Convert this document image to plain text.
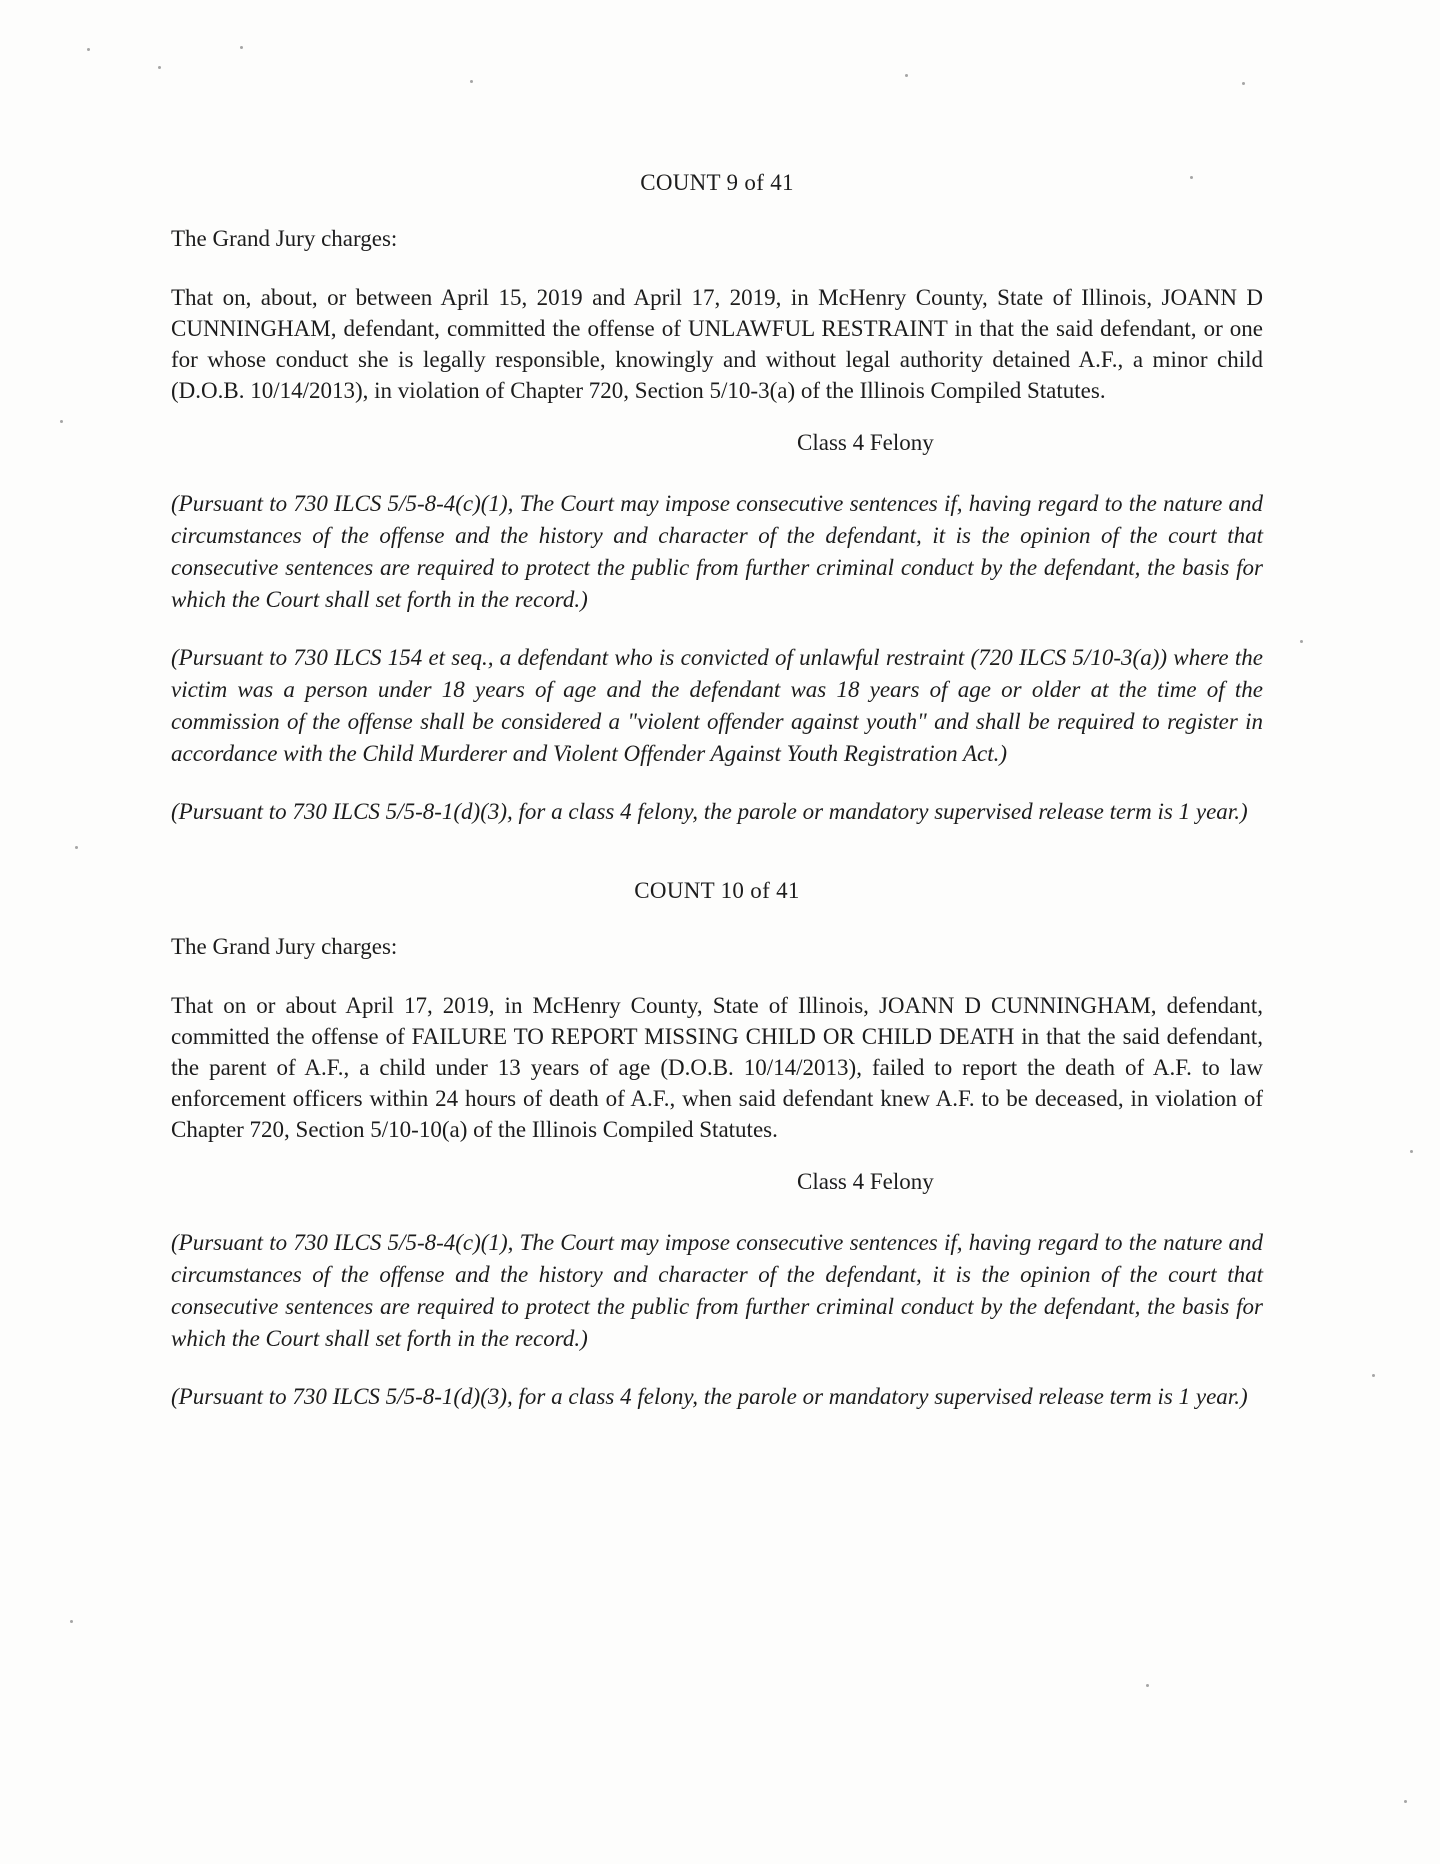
COUNT 9 of 41
The Grand Jury charges:

That on, about, or between April 15, 2019 and April 17, 2019, in McHenry County, State of Illinois, JOANN D CUNNINGHAM, defendant, committed the offense of UNLAWFUL RESTRAINT in that the said defendant, or one for whose conduct she is legally responsible, knowingly and without legal authority detained A.F., a minor child (D.O.B. 10/14/2013), in violation of Chapter 720, Section 5/10-3(a) of the Illinois Compiled Statutes.

Class 4 Felony

(Pursuant to 730 ILCS 5/5-8-4(c)(1), The Court may impose consecutive sentences if, having regard to the nature and circumstances of the offense and the history and character of the defendant, it is the opinion of the court that consecutive sentences are required to protect the public from further criminal conduct by the defendant, the basis for which the Court shall set forth in the record.)

(Pursuant to 730 ILCS 154 et seq., a defendant who is convicted of unlawful restraint (720 ILCS 5/10-3(a)) where the victim was a person under 18 years of age and the defendant was 18 years of age or older at the time of the commission of the offense shall be considered a "violent offender against youth" and shall be required to register in accordance with the Child Murderer and Violent Offender Against Youth Registration Act.)

(Pursuant to 730 ILCS 5/5-8-1(d)(3), for a class 4 felony, the parole or mandatory supervised release term is 1 year.)

COUNT 10 of 41
The Grand Jury charges:

That on or about April 17, 2019, in McHenry County, State of Illinois, JOANN D CUNNINGHAM, defendant, committed the offense of FAILURE TO REPORT MISSING CHILD OR CHILD DEATH in that the said defendant, the parent of A.F., a child under 13 years of age (D.O.B. 10/14/2013), failed to report the death of A.F. to law enforcement officers within 24 hours of death of A.F., when said defendant knew A.F. to be deceased, in violation of Chapter 720, Section 5/10-10(a) of the Illinois Compiled Statutes.

Class 4 Felony

(Pursuant to 730 ILCS 5/5-8-4(c)(1), The Court may impose consecutive sentences if, having regard to the nature and circumstances of the offense and the history and character of the defendant, it is the opinion of the court that consecutive sentences are required to protect the public from further criminal conduct by the defendant, the basis for which the Court shall set forth in the record.)

(Pursuant to 730 ILCS 5/5-8-1(d)(3), for a class 4 felony, the parole or mandatory supervised release term is 1 year.)
